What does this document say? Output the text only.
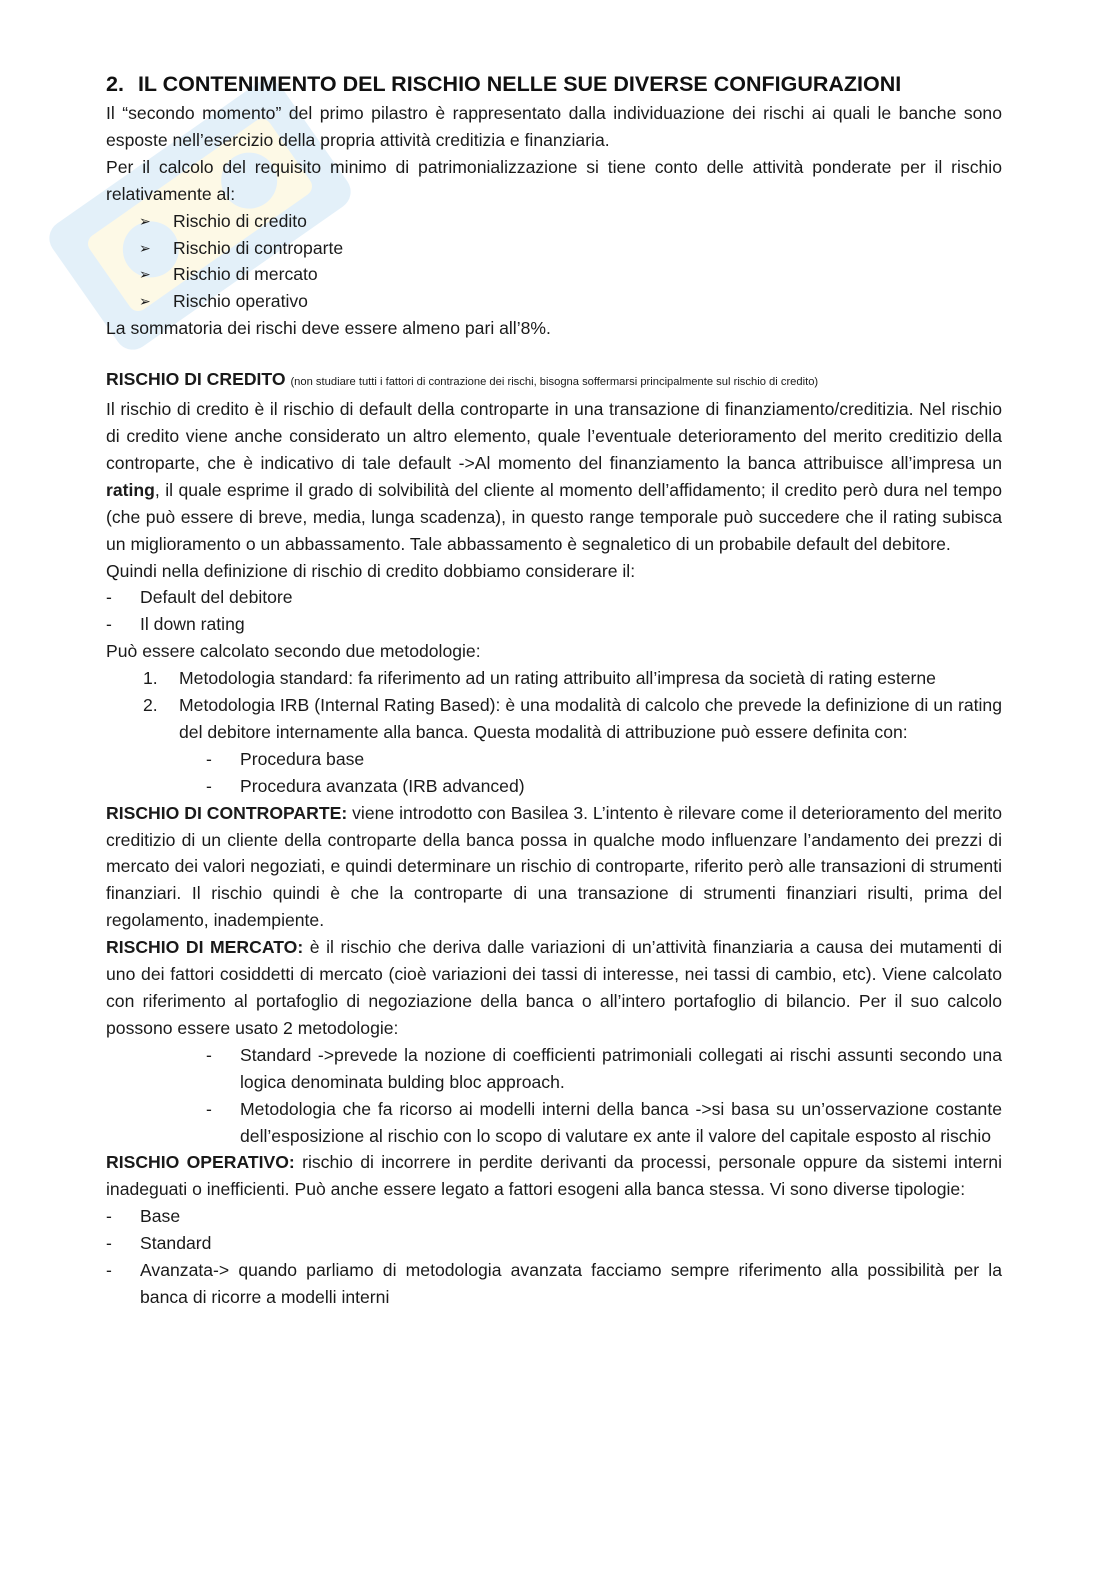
2. IL CONTENIMENTO DEL RISCHIO NELLE SUE DIVERSE CONFIGURAZIONI

Il “secondo momento” del primo pilastro è rappresentato dalla individuazione dei rischi ai quali le banche sono esposte nell’esercizio della propria attività creditizia e finanziaria.

Per il calcolo del requisito minimo di patrimonializzazione si tiene conto delle attività ponderate per il rischio relativamente al:

➢	Rischio di credito
➢	Rischio di controparte
➢	Rischio di mercato
➢	Rischio operativo

La sommatoria dei rischi deve essere almeno pari all’8%.

RISCHIO DI CREDITO (non studiare tutti i fattori di contrazione dei rischi, bisogna soffermarsi principalmente sul rischio di credito)

Il rischio di credito è il rischio di default della controparte in una transazione di finanziamento/creditizia. Nel rischio di credito viene anche considerato un altro elemento, quale l’eventuale deterioramento del merito creditizio della controparte, che è indicativo di tale default ->Al momento del finanziamento la banca attribuisce all’impresa un rating, il quale esprime il grado di solvibilità del cliente al momento dell’affidamento; il credito però dura nel tempo (che può essere di breve, media, lunga scadenza), in questo range temporale può succedere che il rating subisca un miglioramento o un abbassamento. Tale abbassamento è segnaletico di un probabile default del debitore.

Quindi nella definizione di rischio di credito dobbiamo considerare il:

-	Default del debitore
-	Il down rating

Può essere calcolato secondo due metodologie:

1.	Metodologia standard: fa riferimento ad un rating attribuito all’impresa da società di rating esterne
2.	Metodologia IRB (Internal Rating Based): è una modalità di calcolo che prevede la definizione di un rating del debitore internamente alla banca. Questa modalità di attribuzione può essere definita con:
-	Procedura base
-	Procedura avanzata (IRB advanced)

RISCHIO DI CONTROPARTE: viene introdotto con Basilea 3. L’intento è rilevare come il deterioramento del merito creditizio di un cliente della controparte della banca possa in qualche modo influenzare l’andamento dei prezzi di mercato dei valori negoziati, e quindi determinare un rischio di controparte, riferito però alle transazioni di strumenti finanziari. Il rischio quindi è che la controparte di una transazione di strumenti finanziari risulti, prima del regolamento, inadempiente.

RISCHIO DI MERCATO: è il rischio che deriva dalle variazioni di un’attività finanziaria a causa dei mutamenti di uno dei fattori cosiddetti di mercato (cioè variazioni dei tassi di interesse, nei tassi di cambio, etc). Viene calcolato con riferimento al portafoglio di negoziazione della banca o all’intero portafoglio di bilancio. Per il suo calcolo possono essere usato 2 metodologie:

-	Standard ->prevede la nozione di coefficienti patrimoniali collegati ai rischi assunti secondo una logica denominata bulding bloc approach.
-	Metodologia che fa ricorso ai modelli interni della banca ->si basa su un’osservazione costante dell’esposizione al rischio con lo scopo di valutare ex ante il valore del capitale esposto al rischio

RISCHIO OPERATIVO: rischio di incorrere in perdite derivanti da processi, personale oppure da sistemi interni inadeguati o inefficienti. Può anche essere legato a fattori esogeni alla banca stessa. Vi sono diverse tipologie:

-	Base
-	Standard
-	Avanzata-> quando parliamo di metodologia avanzata facciamo sempre riferimento alla possibilità per la banca di ricorre a modelli interni
